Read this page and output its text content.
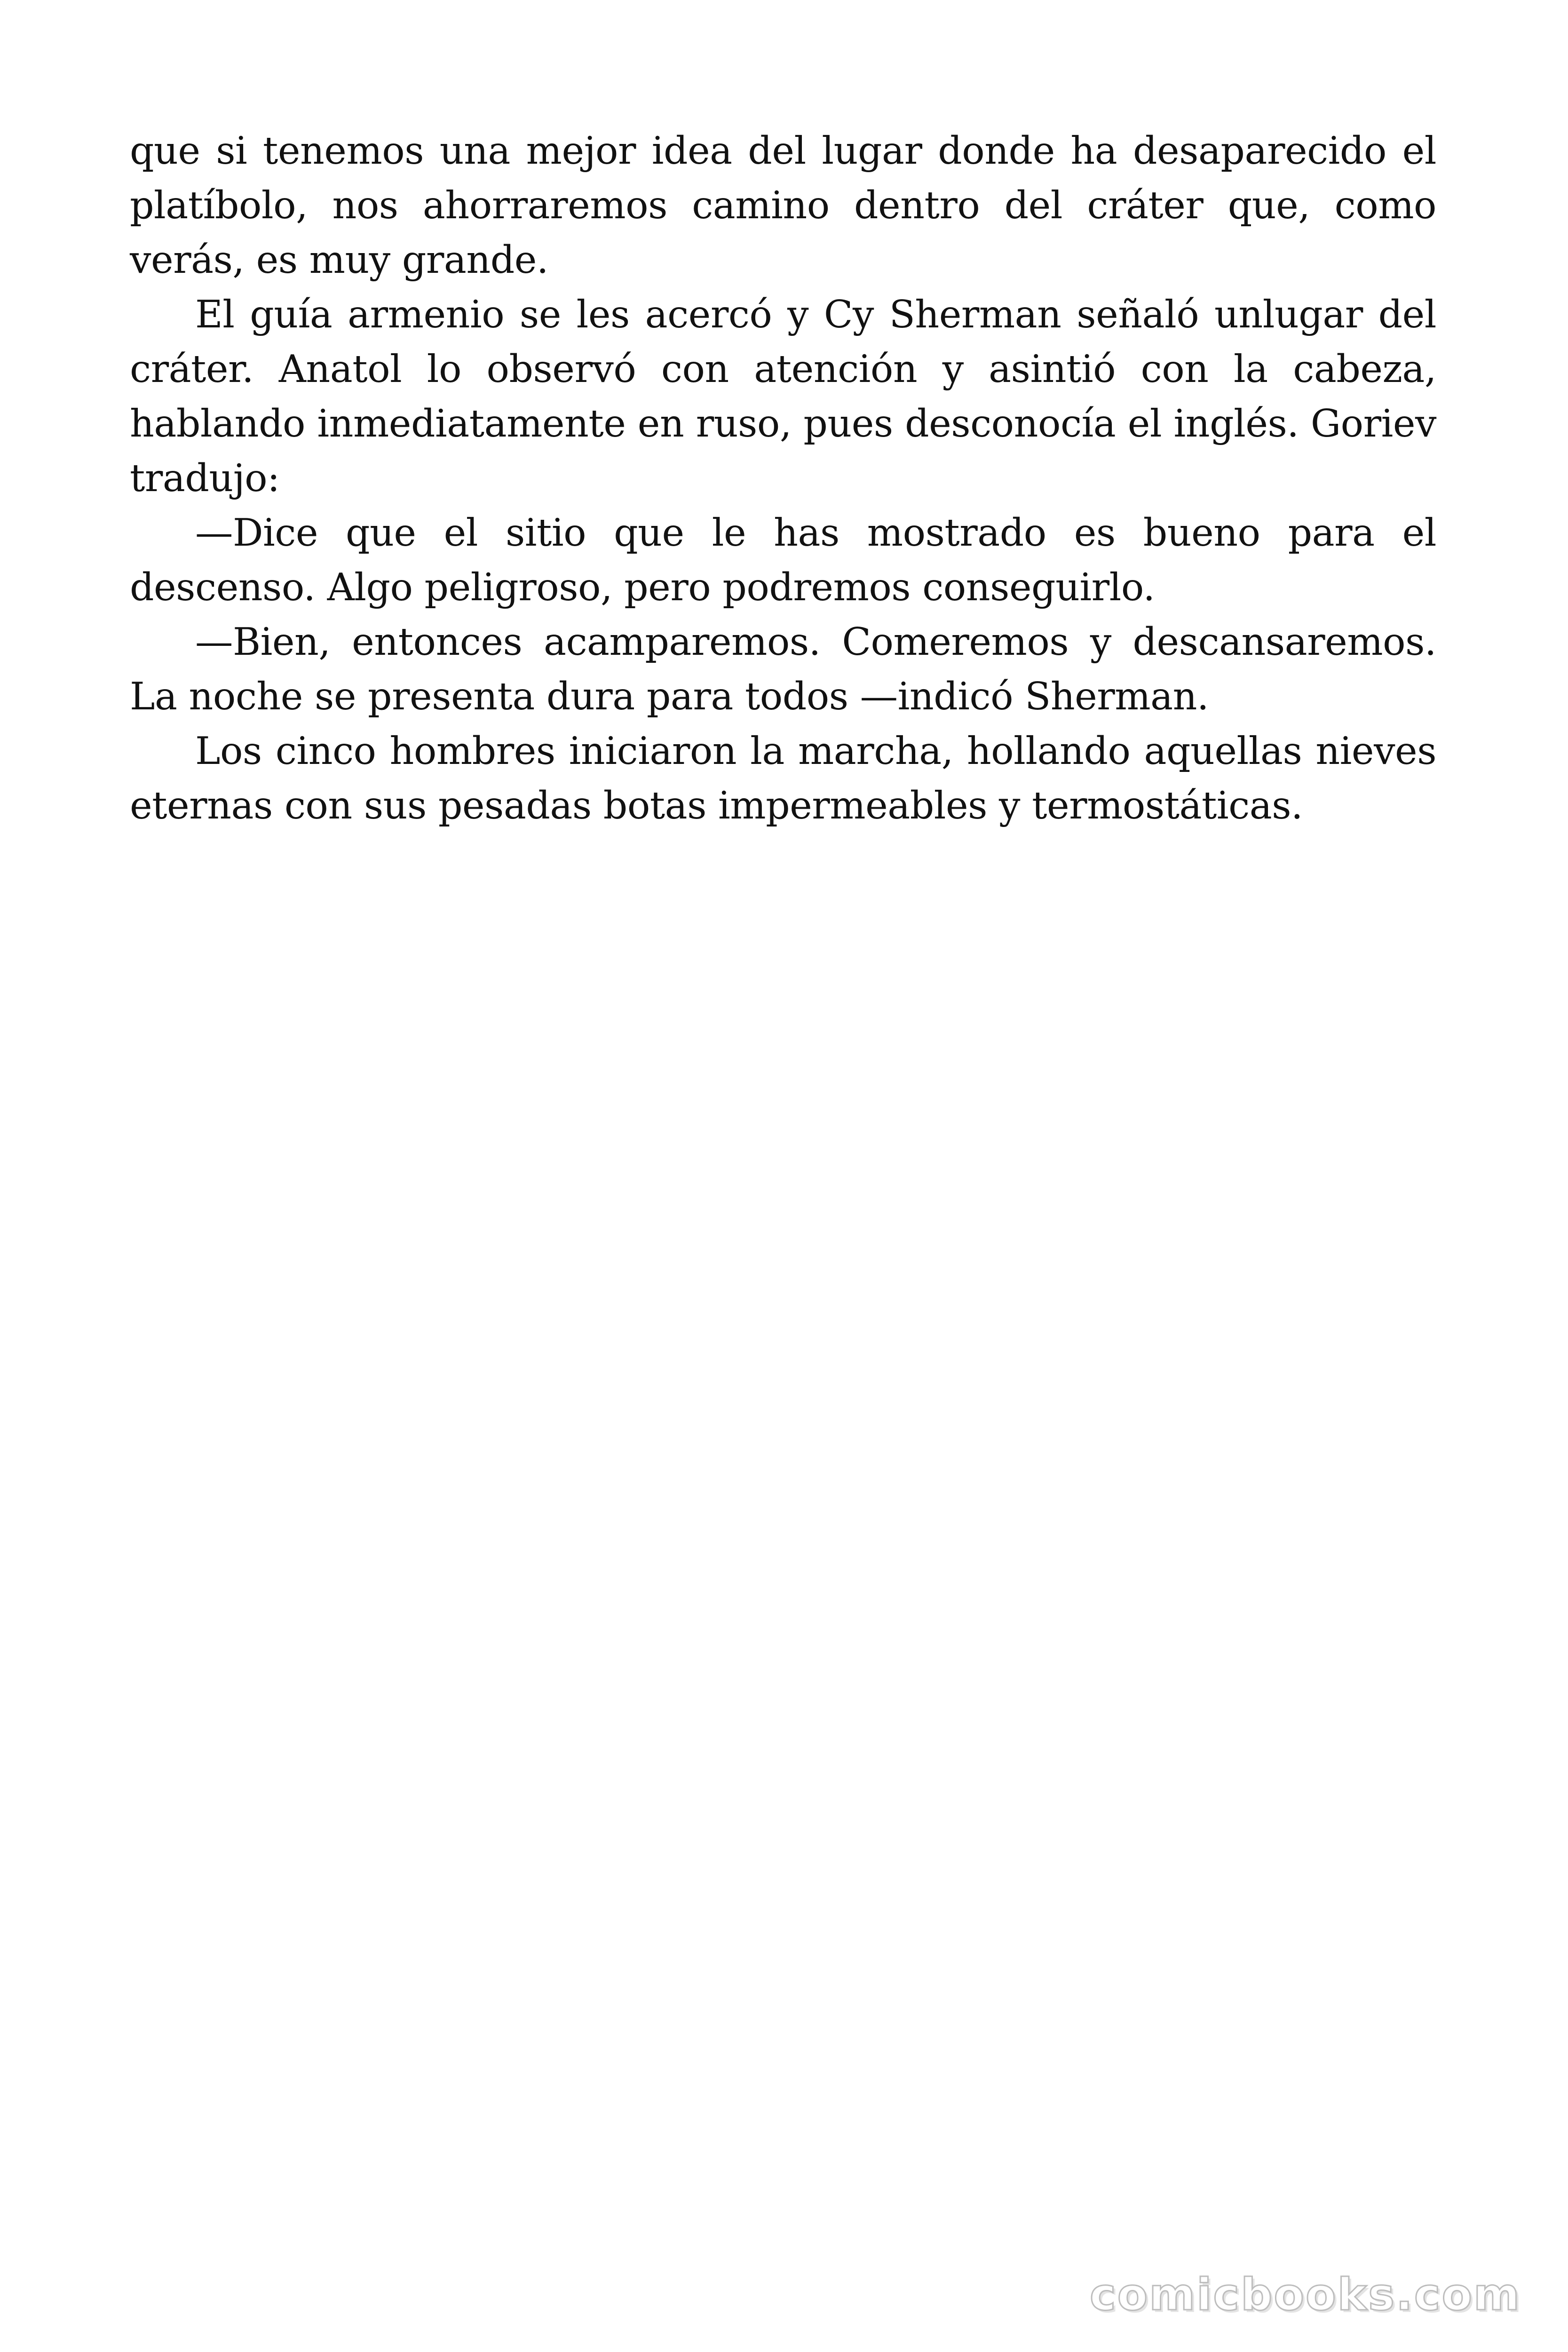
que si tenemos una mejor idea del lugar donde ha desaparecido el platíbolo, nos ahorraremos camino dentro del cráter que, como verás, es muy grande.

El guía armenio se les acercó y Cy Sherman señaló unlugar del cráter. Anatol lo observó con atención y asintió con la cabeza, hablando inmediatamente en ruso, pues desconocía el inglés. Goriev tradujo:

—Dice que el sitio que le has mostrado es bueno para el descenso. Algo peligroso, pero podremos conseguirlo.

—Bien, entonces acamparemos. Comeremos y descansaremos. La noche se presenta dura para todos —indicó Sherman.

Los cinco hombres iniciaron la marcha, hollando aquellas nieves eternas con sus pesadas botas impermeables y termostáticas.

comicbooks.com
